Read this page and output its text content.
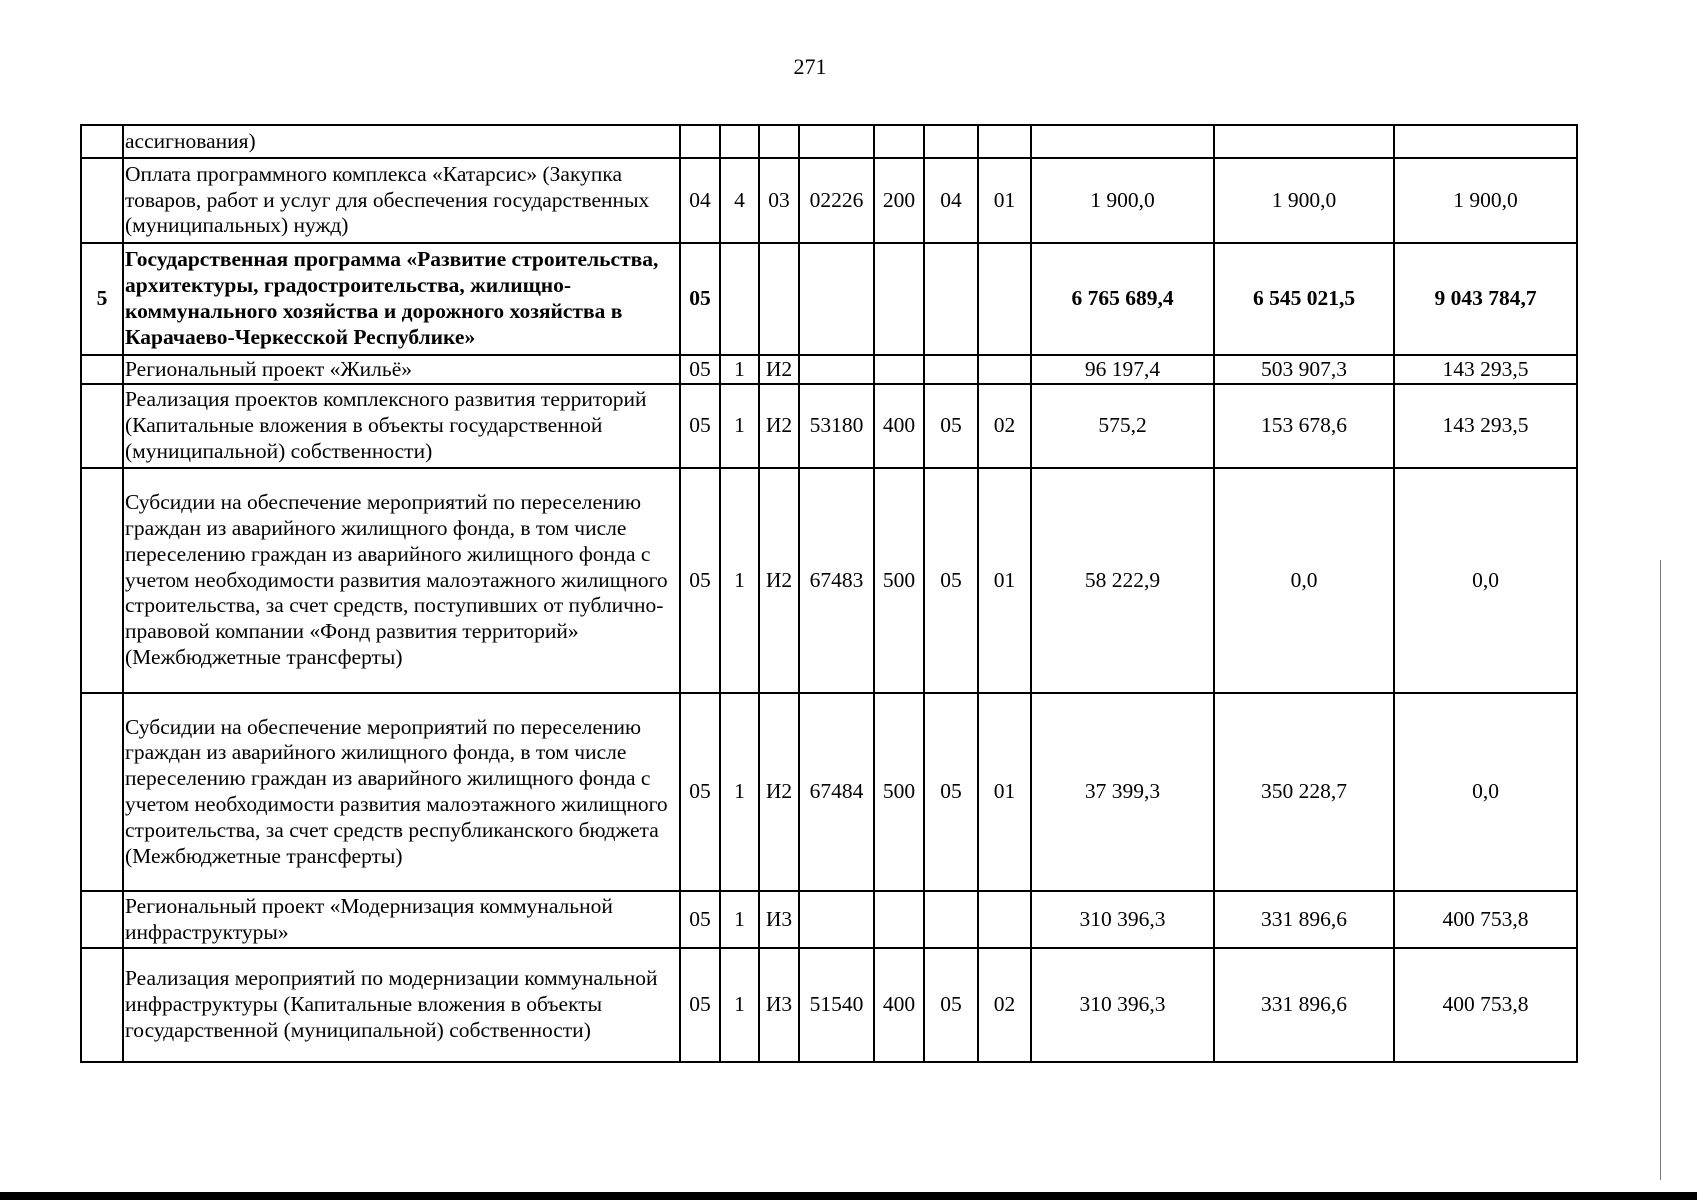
271
	ассигнования)										
	Оплата программного комплекса «Катарсис» (Закупка товаров, работ и услуг для обеспечения государственных (муниципальных) нужд)	04	4	03	02226	200	04	01	1 900,0	1 900,0	1 900,0
5	Государственная программа «Развитие строительства, архитектуры, градостроительства, жилищно-коммунального хозяйства и дорожного хозяйства в Карачаево-Черкесской Республике»	05							6 765 689,4	6 545 021,5	9 043 784,7
	Региональный проект «Жильё»	05	1	И2					96 197,4	503 907,3	143 293,5
	Реализация проектов комплексного развития территорий (Капитальные вложения в объекты государственной (муниципальной) собственности)	05	1	И2	53180	400	05	02	575,2	153 678,6	143 293,5
	Субсидии на обеспечение мероприятий по переселению граждан из аварийного жилищного фонда, в том числе переселению граждан из аварийного жилищного фонда с учетом необходимости развития малоэтажного жилищного строительства, за счет средств, поступивших от публично-правовой компании «Фонд развития территорий» (Межбюджетные трансферты)	05	1	И2	67483	500	05	01	58 222,9	0,0	0,0
	Субсидии на обеспечение мероприятий по переселению граждан из аварийного жилищного фонда, в том числе переселению граждан из аварийного жилищного фонда с учетом необходимости развития малоэтажного жилищного строительства, за счет средств республиканского бюджета (Межбюджетные трансферты)	05	1	И2	67484	500	05	01	37 399,3	350 228,7	0,0
	Региональный проект «Модернизация коммунальной инфраструктуры»	05	1	И3					310 396,3	331 896,6	400 753,8
	Реализация мероприятий по модернизации коммунальной инфраструктуры (Капитальные вложения в объекты государственной (муниципальной) собственности)	05	1	И3	51540	400	05	02	310 396,3	331 896,6	400 753,8
